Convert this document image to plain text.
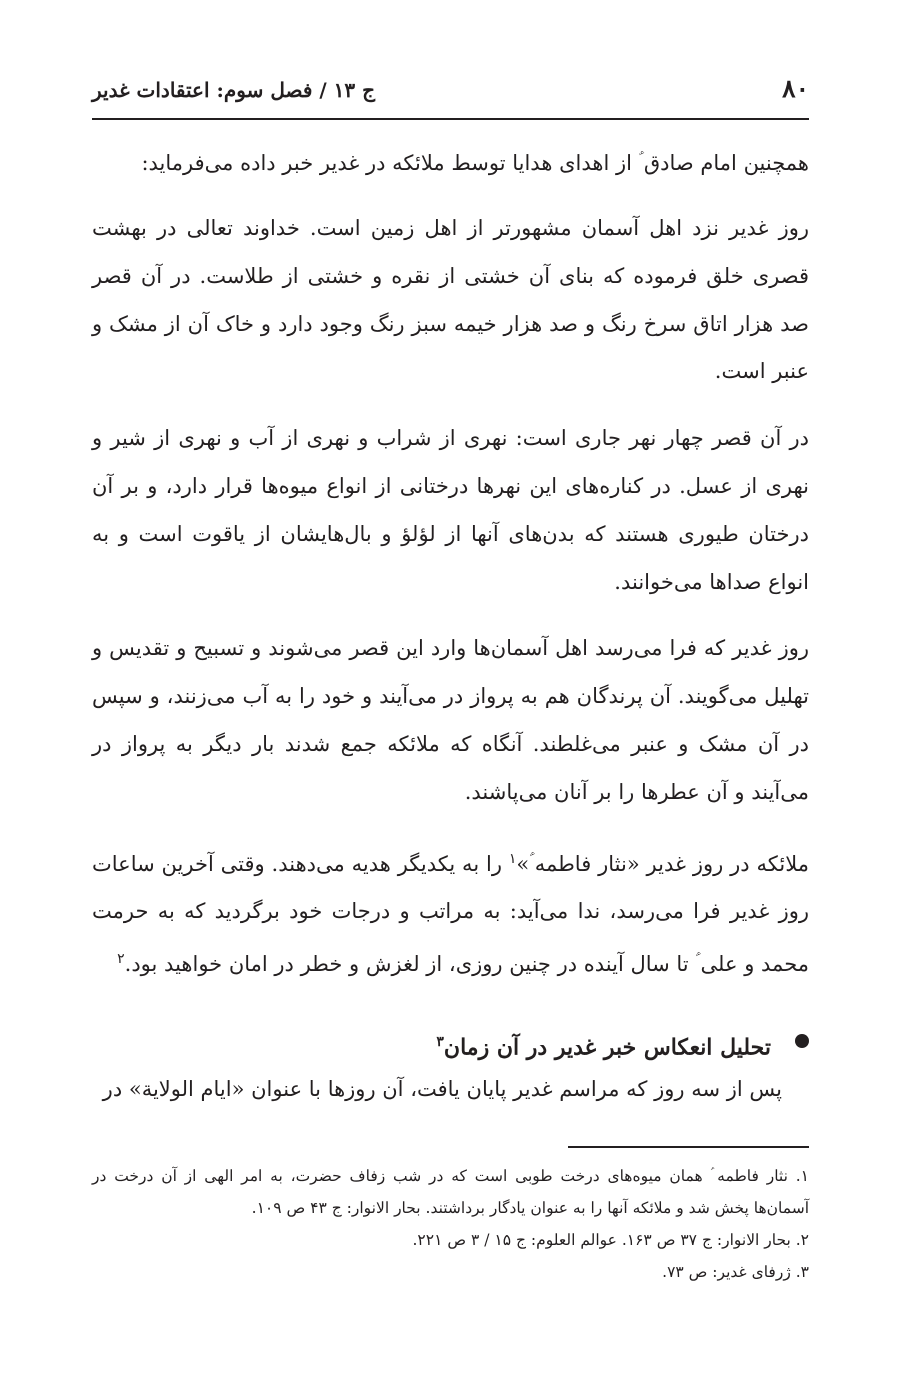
۸۰
ج ۱۳ / فصل سوم: اعتقادات غدیر

همچنین امام صادق ؑ از اهدای هدایا توسط ملائکه در غدیر خبر داده می‌فرماید:

روز غدیر نزد اهل آسمان مشهورتر از اهل زمین است. خداوند تعالی در بهشت قصری خلق فرموده که بنای آن خشتی از نقره و خشتی از طلاست. در آن قصر صد هزار اتاق سرخ رنگ و صد هزار خیمه سبز رنگ وجود دارد و خاک آن از مشک و عنبر است.

در آن قصر چهار نهر جاری است: نهری از شراب و نهری از آب و نهری از شیر و نهری از عسل. در کناره‌های این نهرها درختانی از انواع میوه‌ها قرار دارد، و بر آن درختان طیوری هستند که بدن‌های آنها از لؤلؤ و بال‌هایشان از یاقوت است و به انواع صداها می‌خوانند.

روز غدیر که فرا می‌رسد اهل آسمان‌ها وارد این قصر می‌شوند و تسبیح و تقدیس و تهلیل می‌گویند. آن پرندگان هم به پرواز در می‌آیند و خود را به آب می‌زنند، و سپس در آن مشک و عنبر می‌غلطند. آنگاه که ملائکه جمع شدند بار دیگر به پرواز در می‌آیند و آن عطرها را بر آنان می‌پاشند.

ملائکه در روز غدیر «نثار فاطمه ؑ»$^۱$ را به یکدیگر هدیه می‌دهند. وقتی آخرین ساعات روز غدیر فرا می‌رسد، ندا می‌آید: به مراتب و درجات خود برگردید که به حرمت محمد و علی ؑ تا سال آینده در چنین روزی، از لغزش و خطر در امان خواهید بود.$^۲$

تحلیل انعکاس خبر غدیر در آن زمان$^۳$

پس از سه روز که مراسم غدیر پایان یافت، آن روزها با عنوان «ایام الولایة» در

۱. نثار فاطمه ؑ همان میوه‌های درخت طوبی است که در شب زفاف حضرت، به امر الهی از آن درخت در آسمان‌ها پخش شد و ملائکه آنها را به عنوان یادگار برداشتند. بحار الانوار: ج ۴۳ ص ۱۰۹.

۲. بحار الانوار: ج ۳۷ ص ۱۶۳. عوالم العلوم: ج ۱۵ / ۳ ص ۲۲۱.

۳. ژرفای غدیر: ص ۷۳.
